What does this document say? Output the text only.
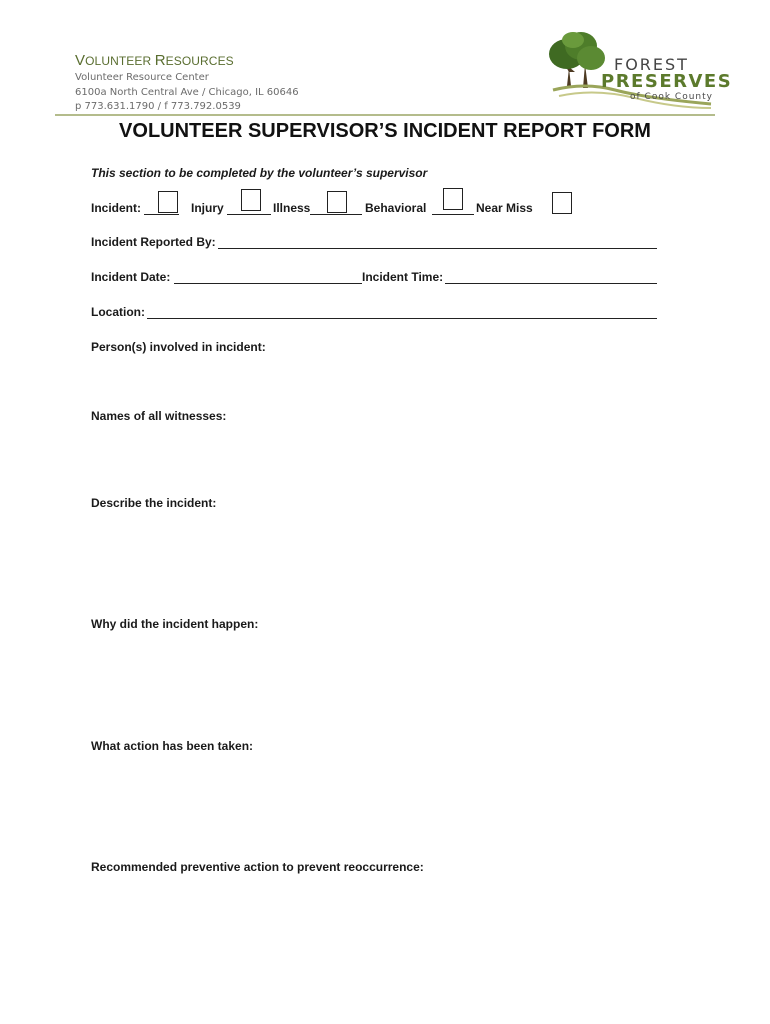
VOLUNTEER RESOURCES
Volunteer Resource Center
6100a North Central Ave / Chicago, IL 60646
p 773.631.1790 / f 773.792.0539
FOREST
PRESERVES
of Cook County
VOLUNTEER SUPERVISOR’S INCIDENT REPORT FORM
This section to be completed by the volunteer’s supervisor
Incident:	Injury	Illness	Behavioral	Near Miss
Incident Reported By:
Incident Date:	Incident Time:
Location:
Person(s) involved in incident:
Names of all witnesses:
Describe the incident:
Why did the incident happen:
What action has been taken:
Recommended preventive action to prevent reoccurrence:
